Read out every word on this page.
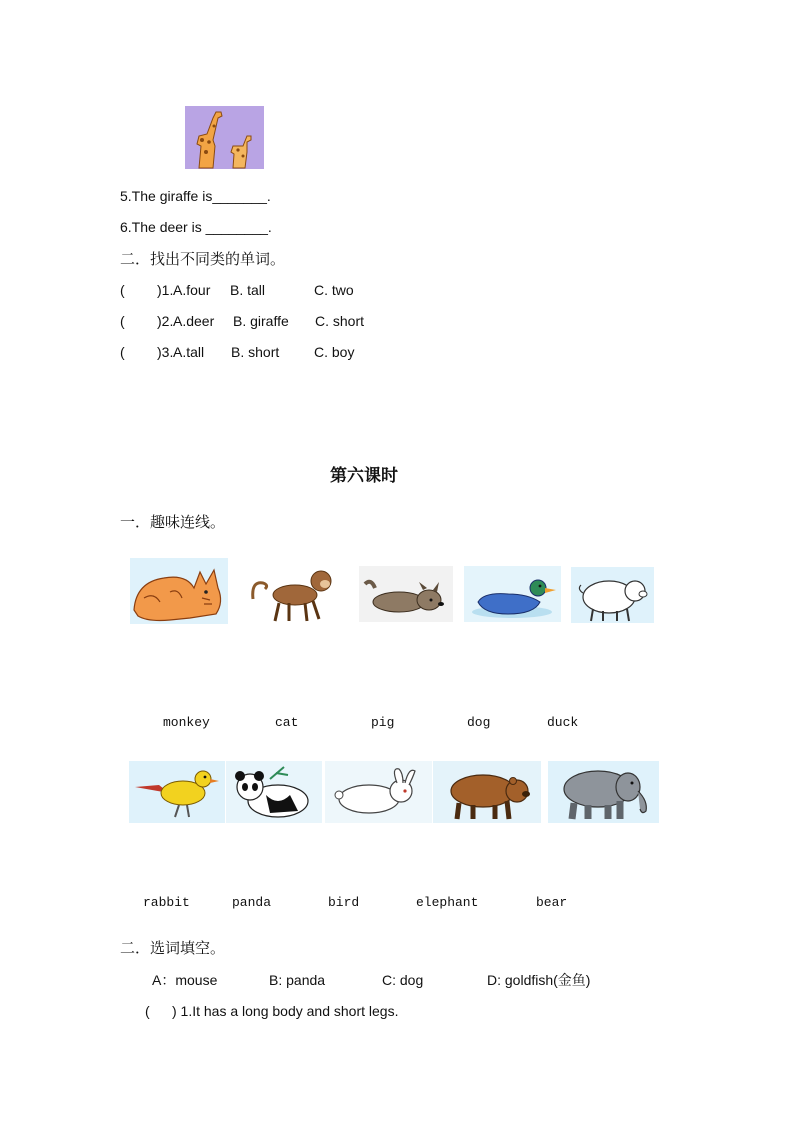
5.The giraffe is_______.
6.The deer is ________.
二．找出不同类的单词。
( )1. A.four B. tall	C. two
( )2. A.deer B. giraffe C. short
( )3. A.tall B. short C. boy
第六课时
一．趣味连线。
monkey	cat	pig	dog	duck
rabbit	panda	bird	elephant	bear
二．选词填空。
A：mouse	B: panda	C: dog	D: goldfish(金鱼)
( ) 1.It has a long body and short legs.
